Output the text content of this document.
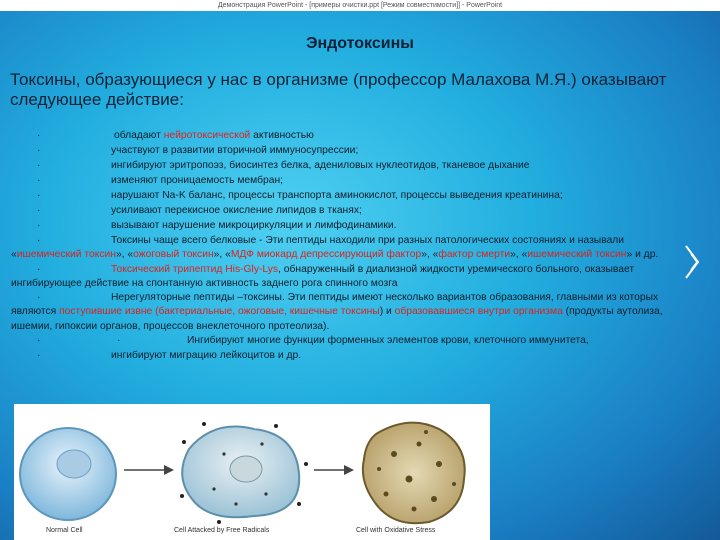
Демонстрация PowerPoint - [примеры очистки.ppt [Режим совместимости]] - PowerPoint
Эндотоксины
Токсины, образующиеся у нас в организме (профессор Малахова М.Я.) оказывают следующее действие:
·	обладают нейротоксической активностью
·	участвуют в развитии вторичной иммуносупрессии;
·	ингибируют эритропоэз, биосинтез белка, адениловых нуклеотидов, тканевое дыхание
·	изменяют проницаемость мембран;
·	нарушают Na-K баланс, процессы транспорта аминокислот, процессы выведения креатинина;
·	усиливают перекисное окисление липидов в тканях;
·	вызывают нарушение микроциркуляции и лимфодинамики.
·	Токсины чаще всего белковые - Эти пептиды находили при разных патологических состояниях и называли «ишемический токсин», «ожоговый токсин», «МДФ миокард депрессирующий фактор», «фактор смерти», «ишемический токсин» и др.

·	Токсический трипептид His-Gly-Lys, обнаруженный в диализной жидкости уремического больного, оказывает ингибирующее действие на спонтанную активность заднего рога спинного мозга

·	Нерегуляторные пептиды –токсины. Эти пептиды имеют несколько вариантов образования, главными из которых являются поступившие извне (бактериальные, ожоговые, кишечные токсины) и образовавшиеся внутри организма (продукты аутолиза, ишемии, гипоксии органов, процессов внеклеточного протеолиза).

·	·	Ингибируют многие функции форменных элементов крови, клеточного иммунитета,
·	ингибируют миграцию лейкоцитов и др.
Normal Cell	Cell Attacked by Free Radicals	Cell with Oxidative Stress
